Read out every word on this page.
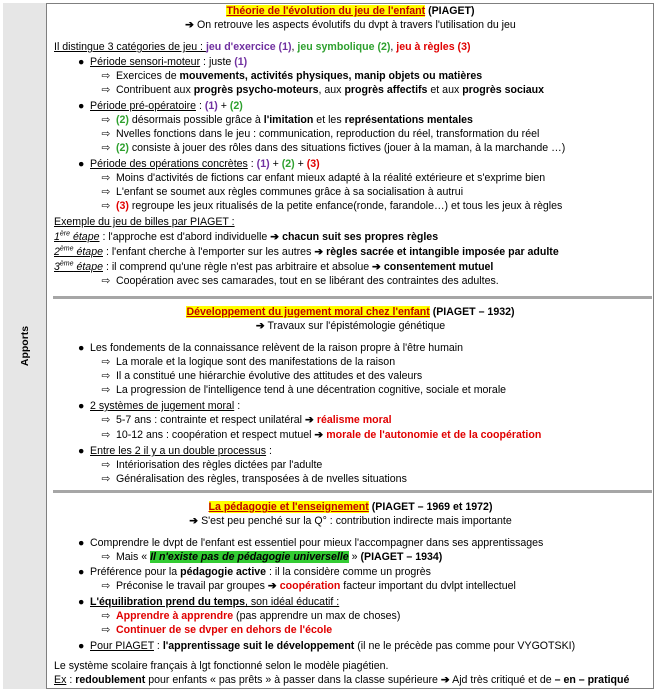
Apports
Théorie de l'évolution du jeu de l'enfant (PIAGET)
➔ On retrouve les aspects évolutifs du dvpt à travers l'utilisation du jeu
Il distingue 3 catégories de jeu : jeu d'exercice (1), jeu symbolique (2), jeu à règles (3)
● Période sensori-moteur : juste (1)
⇨ Exercices de mouvements, activités physiques, manip objets ou matières
⇨ Contribuent aux progrès psycho-moteurs, aux progrès affectifs et aux progrès sociaux
● Période pré-opératoire : (1) + (2)
⇨ (2) désormais possible grâce à l'imitation et les représentations mentales
⇨ Nvelles fonctions dans le jeu : communication, reproduction du réel, transformation du réel
⇨ (2) consiste à jouer des rôles dans des situations fictives (jouer à la maman, à la marchande …)
● Période des opérations concrètes : (1) + (2) + (3)
⇨ Moins d'activités de fictions car enfant mieux adapté à la réalité extérieure et s'exprime bien
⇨ L'enfant se soumet aux règles communes grâce à sa socialisation à autrui
⇨ (3) regroupe les jeux ritualisés de la petite enfance(ronde, farandole…) et tous les jeux à règles
Exemple du jeu de billes par PIAGET :
1ère étape : l'approche est d'abord individuelle ➔ chacun suit ses propres règles
2ème étape : l'enfant cherche à l'emporter sur les autres ➔ règles sacrée et intangible imposée par adulte
3ème étape : il comprend qu'une règle n'est pas arbitraire et absolue ➔ consentement mutuel
⇨ Coopération avec ses camarades, tout en se libérant des contraintes des adultes.
Développement du jugement moral chez l'enfant (PIAGET – 1932)
➔ Travaux sur l'épistémologie génétique
● Les fondements de la connaissance relèvent de la raison propre à l'être humain
⇨ La morale et la logique sont des manifestations de la raison
⇨ Il a constitué une hiérarchie évolutive des attitudes et des valeurs
⇨ La progression de l'intelligence tend à une décentration cognitive, sociale et morale
● 2 systèmes de jugement moral :
⇨ 5-7 ans : contrainte et respect unilatéral ➔ réalisme moral
⇨ 10-12 ans : coopération et respect mutuel ➔ morale de l'autonomie et de la coopération
● Entre les 2 il y a un double processus :
⇨ Intériorisation des règles dictées par l'adulte
⇨ Généralisation des règles, transposées à de nvelles situations
La pédagogie et l'enseignement (PIAGET – 1969 et 1972)
➔ S'est peu penché sur la Q° : contribution indirecte mais importante
● Comprendre le dvpt de l'enfant est essentiel pour mieux l'accompagner dans ses apprentissages
⇨ Mais « Il n'existe pas de pédagogie universelle » (PIAGET – 1934)
● Préférence pour la pédagogie active : il la considère comme un progrès
⇨ Préconise le travail par groupes ➔ coopération facteur important du dvlpt intellectuel
● L'équilibration prend du temps, son idéal éducatif :
⇨ Apprendre à apprendre (pas apprendre un max de choses)
⇨ Continuer de se dvper en dehors de l'école
● Pour PIAGET : l'apprentissage suit le développement (il ne le précède pas comme pour VYGOTSKI)
Le système scolaire français à lgt fonctionné selon le modèle piagétien.
Ex : redoublement pour enfants « pas prêts » à passer dans la classe supérieure ➔ Ajd très critiqué et de – en – pratiqué
